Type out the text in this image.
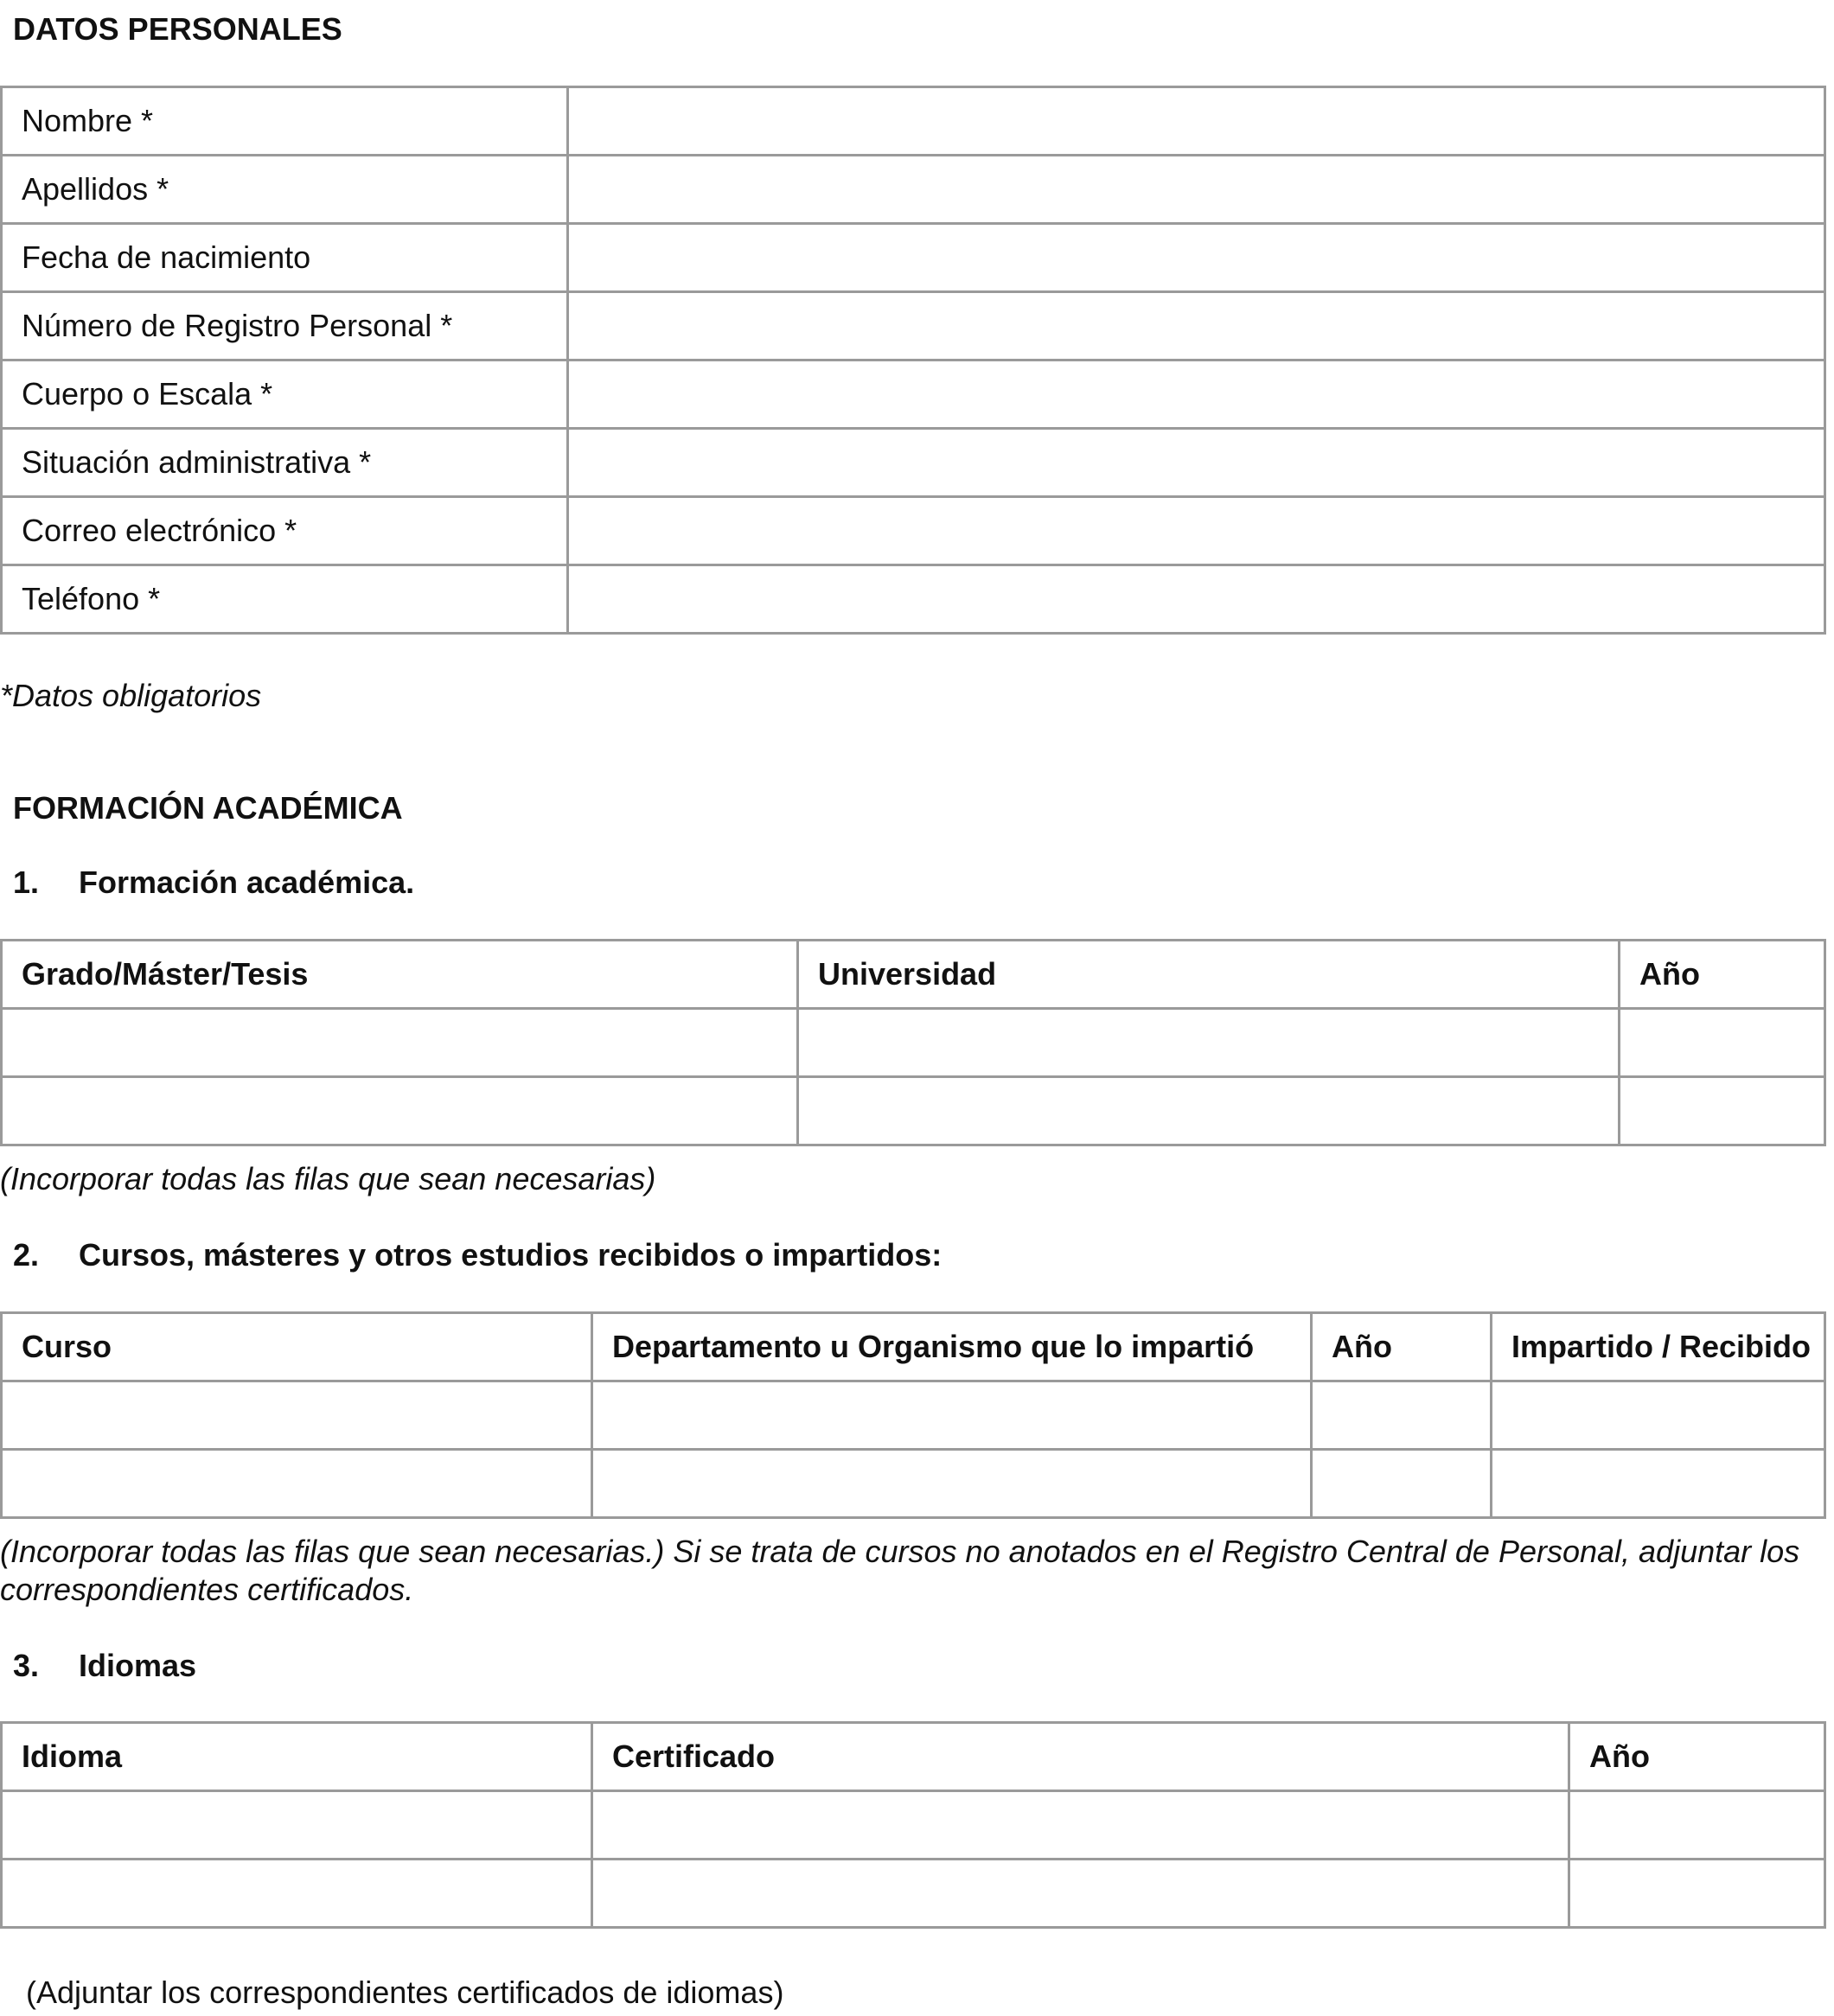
DATOS PERSONALES
Nombre *	
Apellidos *	
Fecha de nacimiento	
Número de Registro Personal *	
Cuerpo o Escala *	
Situación administrativa *	
Correo electrónico *	
Teléfono *	
*Datos obligatorios
FORMACIÓN ACADÉMICA
1. Formación académica.
Grado/Máster/Tesis	Universidad	Año

(Incorporar todas las filas que sean necesarias)
2. Cursos, másteres y otros estudios recibidos o impartidos:
Curso	Departamento u Organismo que lo impartió	Año	Impartido / Recibido

(Incorporar todas las filas que sean necesarias.) Si se trata de cursos no anotados en el Registro Central de Personal, adjuntar los correspondientes certificados.
3. Idiomas
Idioma	Certificado	Año

(Adjuntar los correspondientes certificados de idiomas)
